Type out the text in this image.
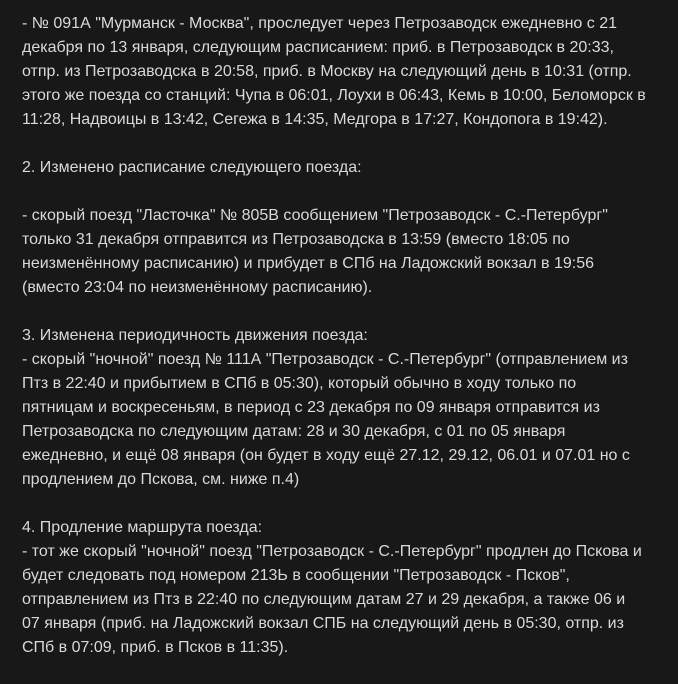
- № 091А "Мурманск - Москва", проследует через Петрозаводск ежедневно с 21
декабря по 13 января, следующим расписанием: приб. в Петрозаводск в 20:33,
отпр. из Петрозаводска в 20:58, приб. в Москву на следующий день в 10:31 (отпр.
этого же поезда со станций: Чупа в 06:01, Лоухи в 06:43, Кемь в 10:00, Беломорск в
11:28, Надвоицы в 13:42, Сегежа в 14:35, Медгора в 17:27, Кондопога в 19:42).
2. Изменено расписание следующего поезда:
- скорый поезд "Ласточка" № 805В сообщением "Петрозаводск - С.-Петербург"
только 31 декабря отправится из Петрозаводска в 13:59 (вместо 18:05 по
неизменённому расписанию) и прибудет в СПб на Ладожский вокзал в 19:56
(вместо 23:04 по неизменённому расписанию).
3. Изменена периодичность движения поезда:
- скорый "ночной" поезд № 111А "Петрозаводск - С.-Петербург" (отправлением из
Птз в 22:40 и прибытием в СПб в 05:30), который обычно в ходу только по
пятницам и воскресеньям, в период с 23 декабря по 09 января отправится из
Петрозаводска по следующим датам: 28 и 30 декабря, с 01 по 05 января
ежедневно, и ещё 08 января (он будет в ходу ещё 27.12, 29.12, 06.01 и 07.01 но с
продлением до Пскова, см. ниже п.4)
4. Продление маршрута поезда:
- тот же скорый "ночной" поезд "Петрозаводск - С.-Петербург" продлен до Пскова и
будет следовать под номером 213Ь в сообщении "Петрозаводск - Псков",
отправлением из Птз в 22:40 по следующим датам 27 и 29 декабря, а также 06 и
07 января (приб. на Ладожский вокзал СПБ на следующий день в 05:30, отпр. из
СПб в 07:09, приб. в Псков в 11:35).
